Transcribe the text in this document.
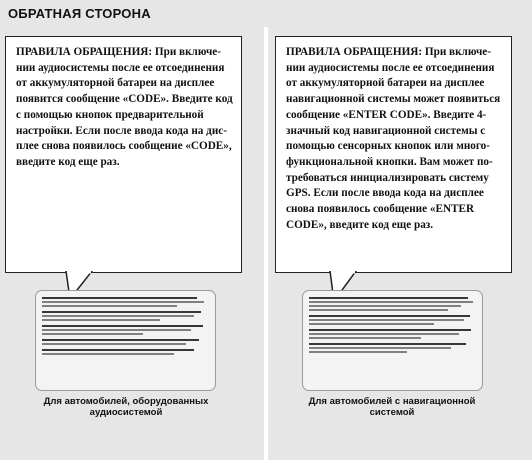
ОБРАТНАЯ СТОРОНА
ПРАВИЛА ОБРАЩЕНИЯ: При включе-нии аудиосистемы после ее отсоединения от аккумуляторной батареи на дисплее появится сообщение «CODE». Введите код с помощью кнопок предварительной настройки. Если после ввода кода на дис-плее снова появилось сообщение «CODE», введите код еще раз.
ПРАВИЛА ОБРАЩЕНИЯ: При включе-нии аудиосистемы после ее отсоединения от аккумуляторной батареи на дисплее навигационной системы может появиться сообщение «ENTER CODE». Введите 4-значный код навигационной системы с помощью сенсорных кнопок или много-функциональной кнопки. Вам может по-требоваться инициализировать систему GPS. Если после ввода кода на дисплее снова появилось сообщение «ENTER CODE», введите код еще раз.
Для автомобилей, оборудованных аудиосистемой
Для автомобилей с навигационной системой
